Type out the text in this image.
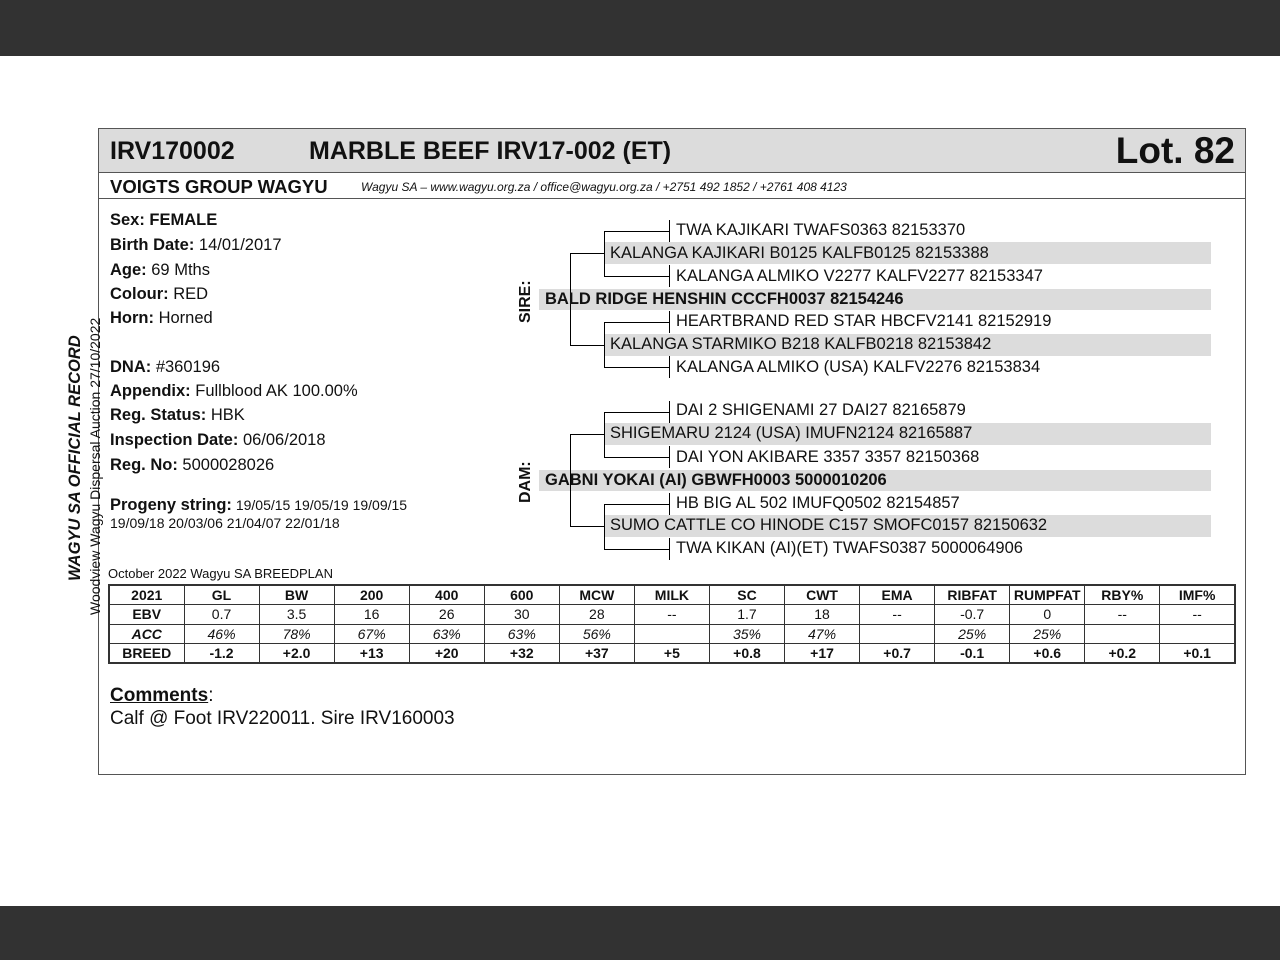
IRV170002	MARBLE BEEF IRV17-002 (ET)	Lot. 82
VOIGTS GROUP WAGYU	Wagyu SA – www.wagyu.org.za / office@wagyu.org.za / +2751 492 1852 / +2761 408 4123
WAGYU SA OFFICIAL RECORD Woodview Wagyu Dispersal Auction 27/10/2022
Sex: FEMALE
Birth Date: 14/01/2017
Age: 69 Mths
Colour: RED
Horn: Horned
DNA: #360196
Appendix: Fullblood AK 100.00%
Reg. Status: HBK
Inspection Date: 06/06/2018
Reg. No: 5000028026
Progeny string: 19/05/15 19/05/19 19/09/15
19/09/18 20/03/06 21/04/07 22/01/18
SIRE:
DAM:
TWA KAJIKARI TWAFS0363 82153370
KALANGA KAJIKARI B0125 KALFB0125 82153388
KALANGA ALMIKO V2277 KALFV2277 82153347
BALD RIDGE HENSHIN CCCFH0037 82154246
HEARTBRAND RED STAR HBCFV2141 82152919
KALANGA STARMIKO B218 KALFB0218 82153842
KALANGA ALMIKO (USA) KALFV2276 82153834
DAI 2 SHIGENAMI 27 DAI27 82165879
SHIGEMARU 2124 (USA) IMUFN2124 82165887
DAI YON AKIBARE 3357 3357 82150368
GABNI YOKAI (AI) GBWFH0003 5000010206
HB BIG AL 502 IMUFQ0502 82154857
SUMO CATTLE CO HINODE C157 SMOFC0157 82150632
TWA KIKAN (AI)(ET) TWAFS0387 5000064906
October 2022 Wagyu SA BREEDPLAN
2021	GL	BW	200	400	600	MCW	MILK	SC	CWT	EMA	RIBFAT	RUMPFAT	RBY%	IMF%
EBV	0.7	3.5	16	26	30	28	--	1.7	18	--	-0.7	0	--	--
ACC	46%	78%	67%	63%	63%	56%		35%	47%		25%	25%		
BREED	-1.2	+2.0	+13	+20	+32	+37	+5	+0.8	+17	+0.7	-0.1	+0.6	+0.2	+0.1
Comments:
Calf @ Foot IRV220011. Sire IRV160003
